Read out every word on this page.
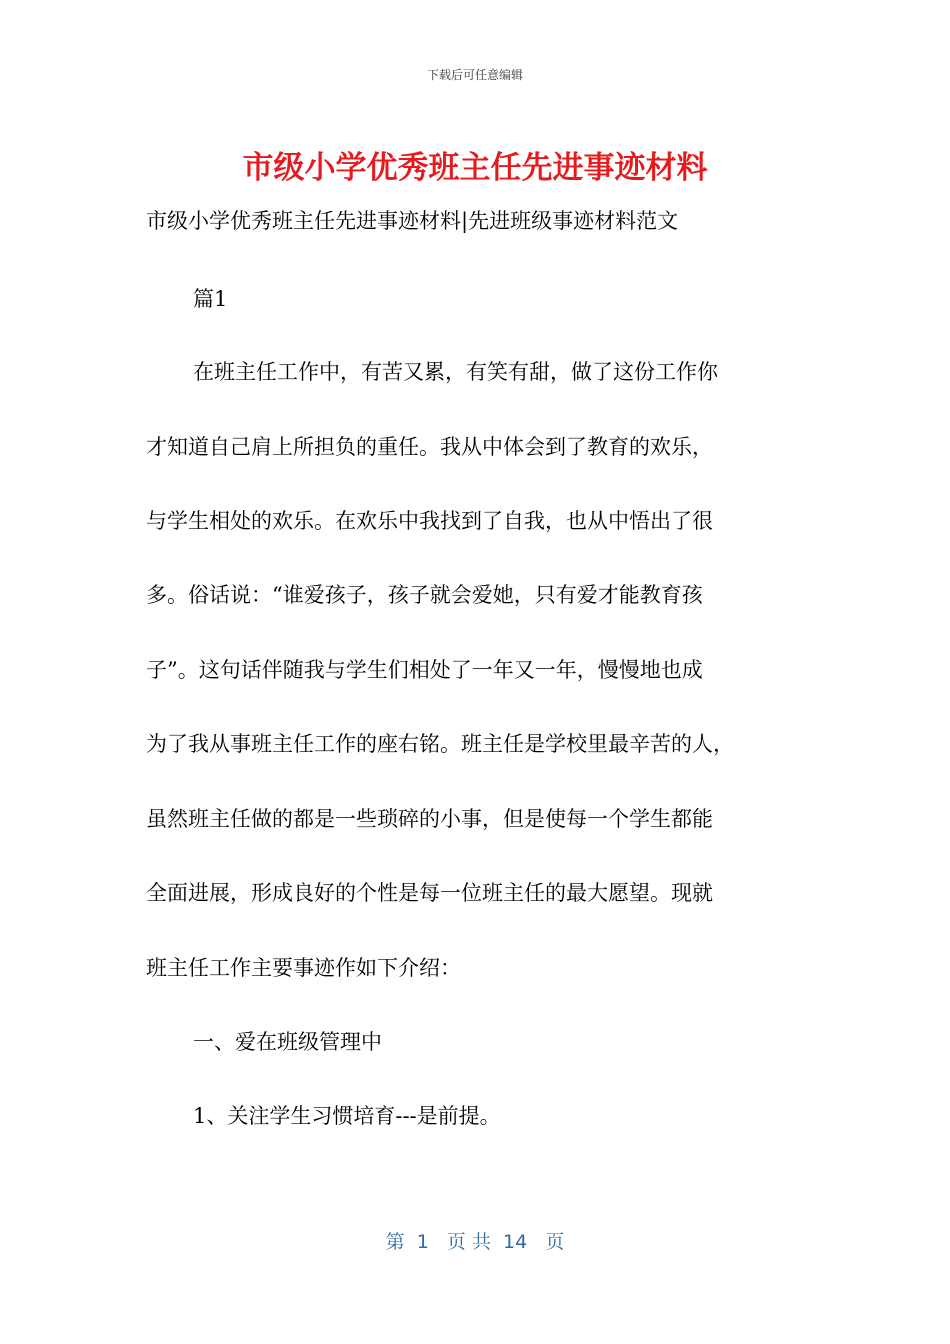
下载后可任意编辑
市级小学优秀班主任先进事迹材料
市级小学优秀班主任先进事迹材料|先进班级事迹材料范文
篇1
在班主任工作中，有苦又累，有笑有甜，做了这份工作你
才知道自己肩上所担负的重任。我从中体会到了教育的欢乐，
与学生相处的欢乐。在欢乐中我找到了自我，也从中悟出了很
多。俗话说：“谁爱孩子，孩子就会爱她，只有爱才能教育孩
子”。这句话伴随我与学生们相处了一年又一年，慢慢地也成
为了我从事班主任工作的座右铭。班主任是学校里最辛苦的人，
虽然班主任做的都是一些琐碎的小事，但是使每一个学生都能
全面进展，形成良好的个性是每一位班主任的最大愿望。现就
班主任工作主要事迹作如下介绍：
一、爱在班级管理中
1、关注学生习惯培育---是前提。
第  1   页 共  14   页
